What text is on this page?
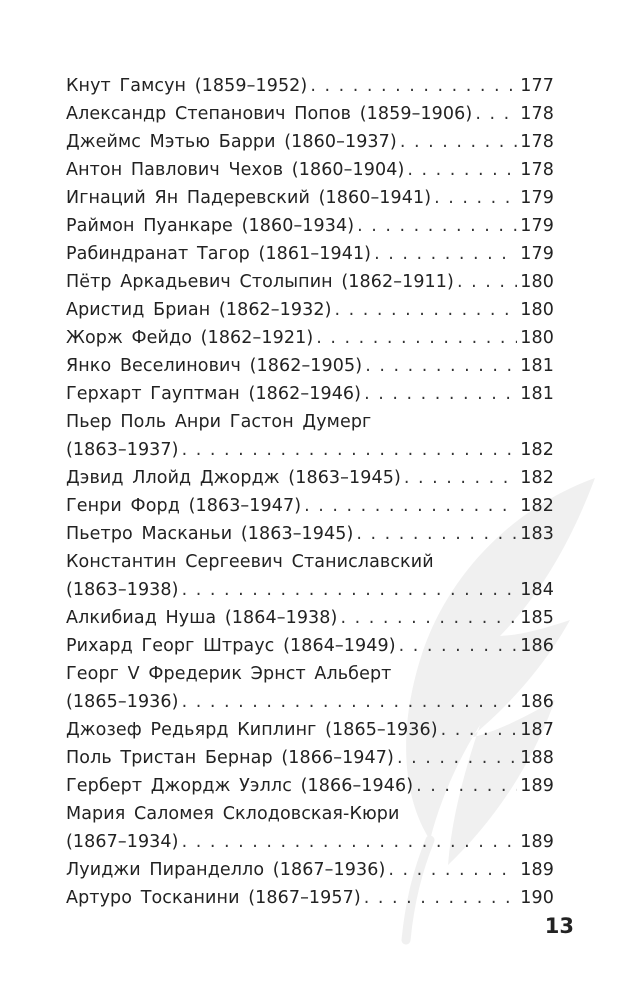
Кнут Гамсун (1859–1952) . . .	177
Александр Степанович Попов (1859–1906) . . .	178
Джеймс Мэтью Барри (1860–1937) . . .	178
Антон Павлович Чехов (1860–1904) . . .	178
Игнаций Ян Падеревский (1860–1941) . . .	179
Раймон Пуанкаре (1860–1934) . . .	179
Рабиндранат Тагор (1861–1941) . . .	179
Пётр Аркадьевич Столыпин (1862–1911) . . .	180
Аристид Бриан (1862–1932) . . .	180
Жорж Фейдо (1862–1921) . . .	180
Янко Веселинович (1862–1905) . . .	181
Герхарт Гауптман (1862–1946) . . .	181
Пьер Поль Анри Гастон Думерг
(1863–1937) . . .	182
Дэвид Ллойд Джордж (1863–1945) . . .	182
Генри Форд (1863–1947) . . .	182
Пьетро Масканьи (1863–1945) . . .	183
Константин Сергеевич Станиславский
(1863–1938) . . .	184
Алкибиад Нуша (1864–1938) . . .	185
Рихард Георг Штраус (1864–1949) . . .	186
Георг V Фредерик Эрнст Альберт
(1865–1936) . . .	186
Джозеф Редьярд Киплинг (1865–1936) . . .	187
Поль Тристан Бернар (1866–1947) . . .	188
Герберт Джордж Уэллс (1866–1946) . . .	189
Мария Саломея Склодовская-Кюри
(1867–1934) . . .	189
Луиджи Пиранделло (1867–1936) . . .	189
Артуро Тосканини (1867–1957) . . .	190
13
